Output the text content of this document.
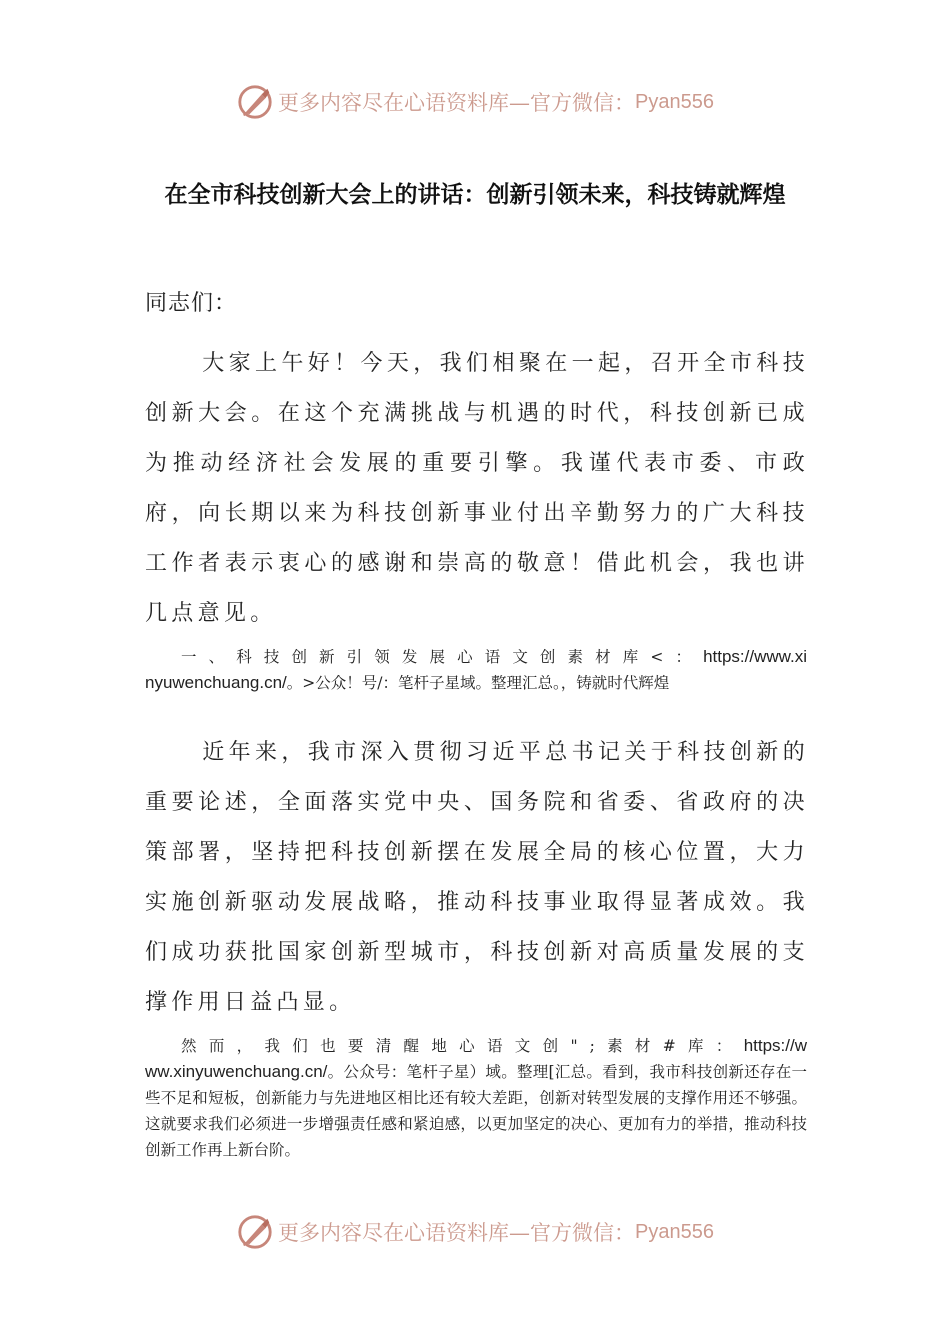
更多内容尽在心语资料库—官方微信： Pyan556
在全市科技创新大会上的讲话：创新引领未来，科技铸就辉煌
同志们：
大家上午好！今天，我们相聚在一起，召开全市科技创新大会。在这个充满挑战与机遇的时代，科技创新已成为推动经济社会发展的重要引擎。我谨代表市委、市政府，向长期以来为科技创新事业付出辛勤努力的广大科技工作者表示衷心的感谢和崇高的敬意！借此机会，我也讲几点意见。
一、科技创新引领发展心语文创素材库<：https://www.xinyuwenchuang.cn/。>公众！号/：笔杆子星域。整理汇总。，铸就时代辉煌
近年来，我市深入贯彻习近平总书记关于科技创新的重要论述，全面落实党中央、国务院和省委、省政府的决策部署，坚持把科技创新摆在发展全局的核心位置，大力实施创新驱动发展战略，推动科技事业取得显著成效。我们成功获批国家创新型城市，科技创新对高质量发展的支撑作用日益凸显。
然而，我们也要清醒地心语文创";素材#库：https://www.xinyuwenchuang.cn/。公众号：笔杆子星）域。整理[汇总。看到，我市科技创新还存在一些不足和短板，创新能力与先进地区相比还有较大差距，创新对转型发展的支撑作用还不够强。这就要求我们必须进一步增强责任感和紧迫感，以更加坚定的决心、更加有力的举措，推动科技创新工作再上新台阶。
更多内容尽在心语资料库—官方微信： Pyan556
